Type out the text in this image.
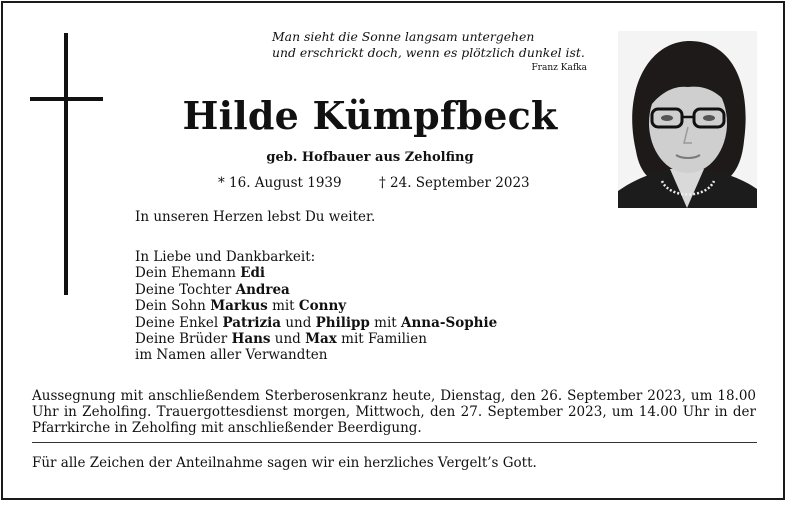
Man sieht die Sonne langsam untergehen
und erschrickt doch, wenn es plötzlich dunkel ist.
Franz Kafka
Hilde Kümpfbeck
geb. Hofbauer aus Zeholfing
* 16. August 1939	† 24. September 2023
In unseren Herzen lebst Du weiter.
In Liebe und Dankbarkeit:
Dein Ehemann Edi
Deine Tochter Andrea
Dein Sohn Markus mit Conny
Deine Enkel Patrizia und Philipp mit Anna-Sophie
Deine Brüder Hans und Max mit Familien
im Namen aller Verwandten
Aussegnung mit anschließendem Sterberosenkranz heute, Dienstag, den 26. September 2023, um 18.00 Uhr in Zeholfing. Trauergottesdienst morgen, Mittwoch, den 27. September 2023, um 14.00 Uhr in der Pfarrkirche in Zeholfing mit anschließender Beerdigung.
Für alle Zeichen der Anteilnahme sagen wir ein herzliches Vergelt’s Gott.
